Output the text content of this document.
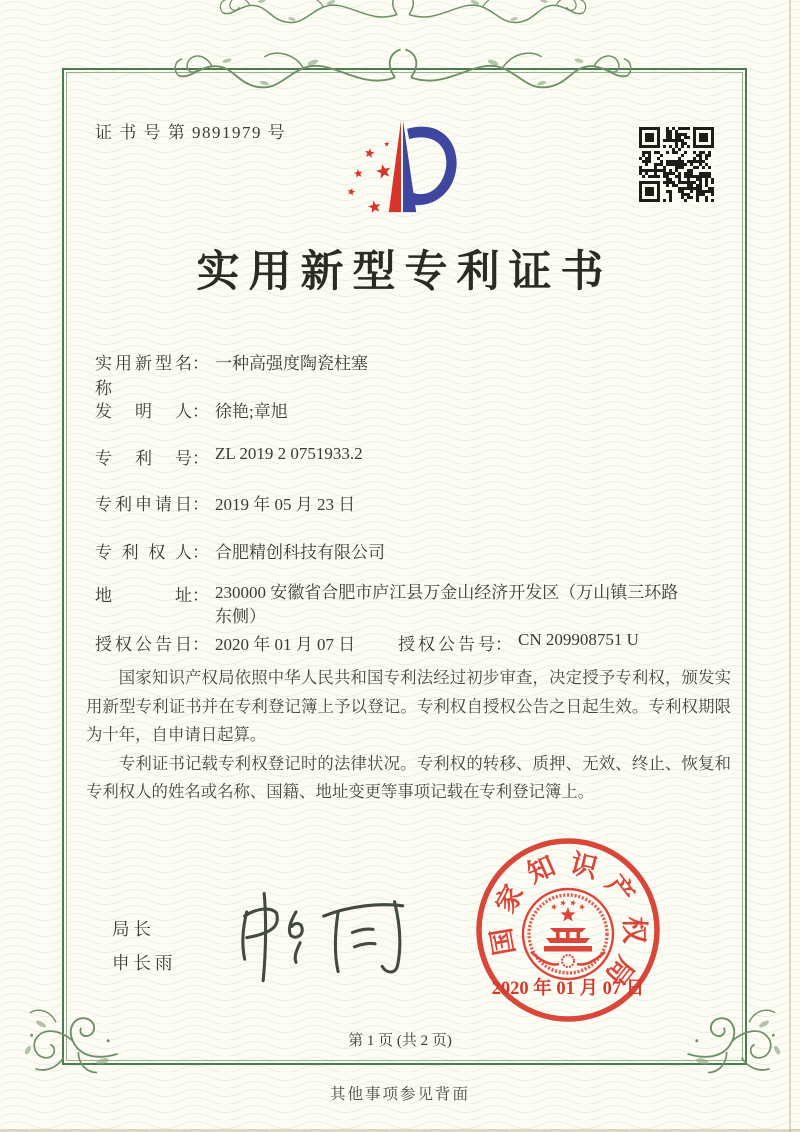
证 书 号 第 9891979 号
实用新型专利证书
实用新型名称： 一种高强度陶瓷柱塞
发明人： 徐艳;章旭
专利号： ZL 2019 2 0751933.2
专利申请日： 2019 年 05 月 23 日
专利权人： 合肥精创科技有限公司
地址： 230000 安徽省合肥市庐江县万金山经济开发区（万山镇三环路东侧）
授权公告日： 2020 年 01 月 07 日	授权公告号： CN 209908751 U

国家知识产权局依照中华人民共和国专利法经过初步审查，决定授予专利权，颁发实用新型专利证书并在专利登记簿上予以登记。专利权自授权公告之日起生效。专利权期限为十年，自申请日起算。

专利证书记载专利权登记时的法律状况。专利权的转移、质押、无效、终止、恢复和专利权人的姓名或名称、国籍、地址变更等事项记载在专利登记簿上。

局长
申长雨
国
家
知 识
产
权
局
2020 年 01 月 07 日
第 1 页 (共 2 页)
其他事项参见背面
